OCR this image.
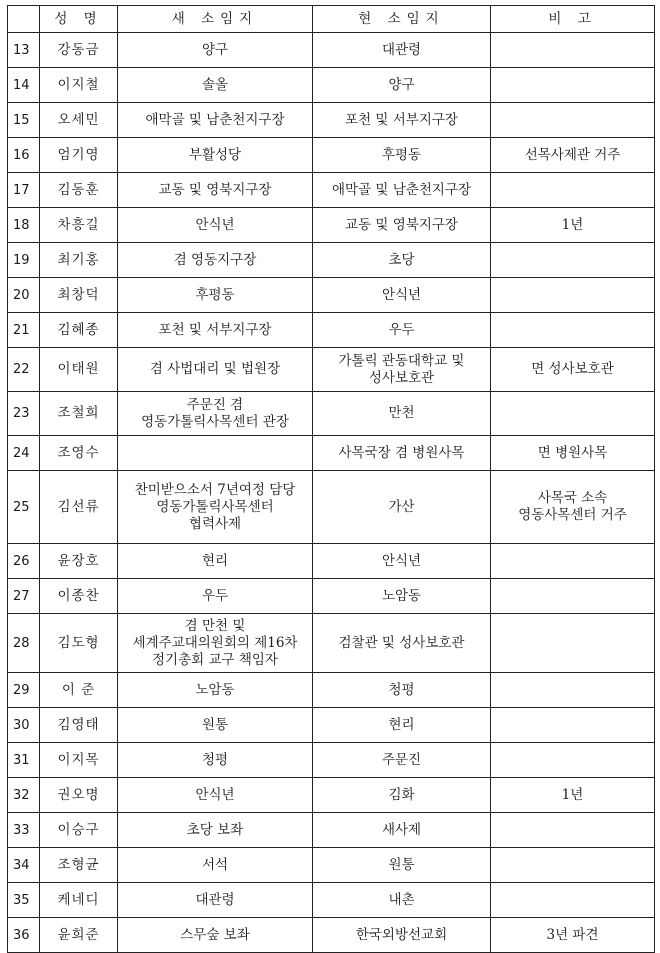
	성 명	새 소임지	현 소임지	비 고
13	강동금	양구	대관령	
14	이지철	솔올	양구	
15	오세민	애막골 및 남춘천지구장	포천 및 서부지구장	
16	엄기영	부활성당	후평동	선목사제관 거주
17	김동훈	교동 및 영북지구장	애막골 및 남춘천지구장	
18	차흥길	안식년	교동 및 영북지구장	1년
19	최기홍	겸 영동지구장	초당	
20	최창덕	후평동	안식년	
21	김혜종	포천 및 서부지구장	우두	
22	이태원	겸 사법대리 및 법원장	가톨릭 관동대학교 및
성사보호관	면 성사보호관
23	조철희	주문진 겸
영동가톨릭사목센터 관장	만천	
24	조영수		사목국장 겸 병원사목	면 병원사목
25	김선류	찬미받으소서 7년여정 담당
영동가톨릭사목센터
협력사제	가산	사목국 소속
영동사목센터 거주
26	윤장호	현리	안식년	
27	이종찬	우두	노암동	
28	김도형	겸 만천 및
세계주교대의원회의 제16차
정기총회 교구 책임자	검찰관 및 성사보호관	
29	이 준	노암동	청평	
30	김영태	원통	현리	
31	이지목	청평	주문진	
32	권오명	안식년	김화	1년
33	이승구	초당 보좌	새사제	
34	조형균	서석	원통	
35	케네디	대관령	내촌	
36	윤희준	스무숲 보좌	한국외방선교회	3년 파견
